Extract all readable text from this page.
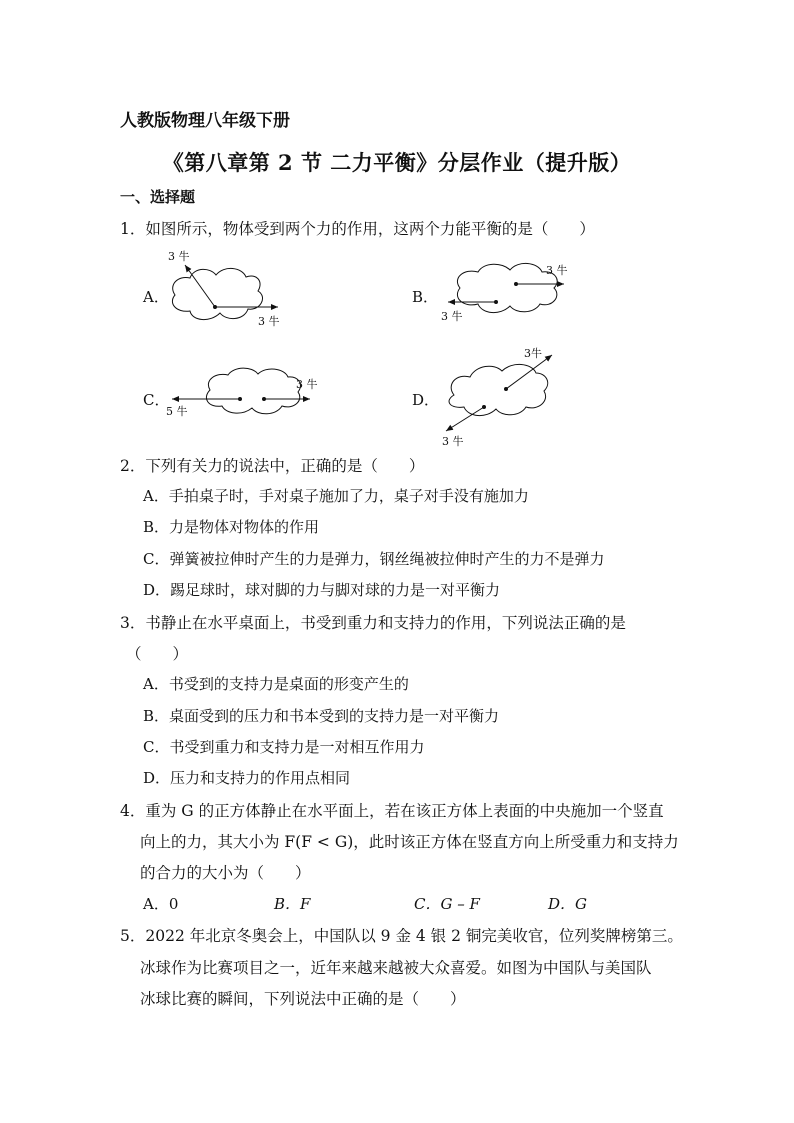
人教版物理八年级下册
《第八章第 2 节 二力平衡》分层作业（提升版）
一、选择题
1．如图所示，物体受到两个力的作用，这两个力能平衡的是（　　）
A．
3 牛
3 牛
B．
3 牛
3 牛
C．
3 牛
5 牛
D．
3牛
3 牛
2．下列有关力的说法中，正确的是（　　）
A．手拍桌子时，手对桌子施加了力，桌子对手没有施加力
B．力是物体对物体的作用
C．弹簧被拉伸时产生的力是弹力，钢丝绳被拉伸时产生的力不是弹力
D．踢足球时，球对脚的力与脚对球的力是一对平衡力
3．书静止在水平桌面上，书受到重力和支持力的作用，下列说法正确的是
（　　）
A．书受到的支持力是桌面的形变产生的
B．桌面受到的压力和书本受到的支持力是一对平衡力
C．书受到重力和支持力是一对相互作用力
D．压力和支持力的作用点相同
4．重为 G 的正方体静止在水平面上，若在该正方体上表面的中央施加一个竖直
向上的力，其大小为 F(F < G)，此时该正方体在竖直方向上所受重力和支持力
的合力的大小为（　　）
A．0	B．F	C．G – F	D．G
5．2022 年北京冬奥会上，中国队以 9 金 4 银 2 铜完美收官，位列奖牌榜第三。
冰球作为比赛项目之一，近年来越来越被大众喜爱。如图为中国队与美国队
冰球比赛的瞬间，下列说法中正确的是（　　）
